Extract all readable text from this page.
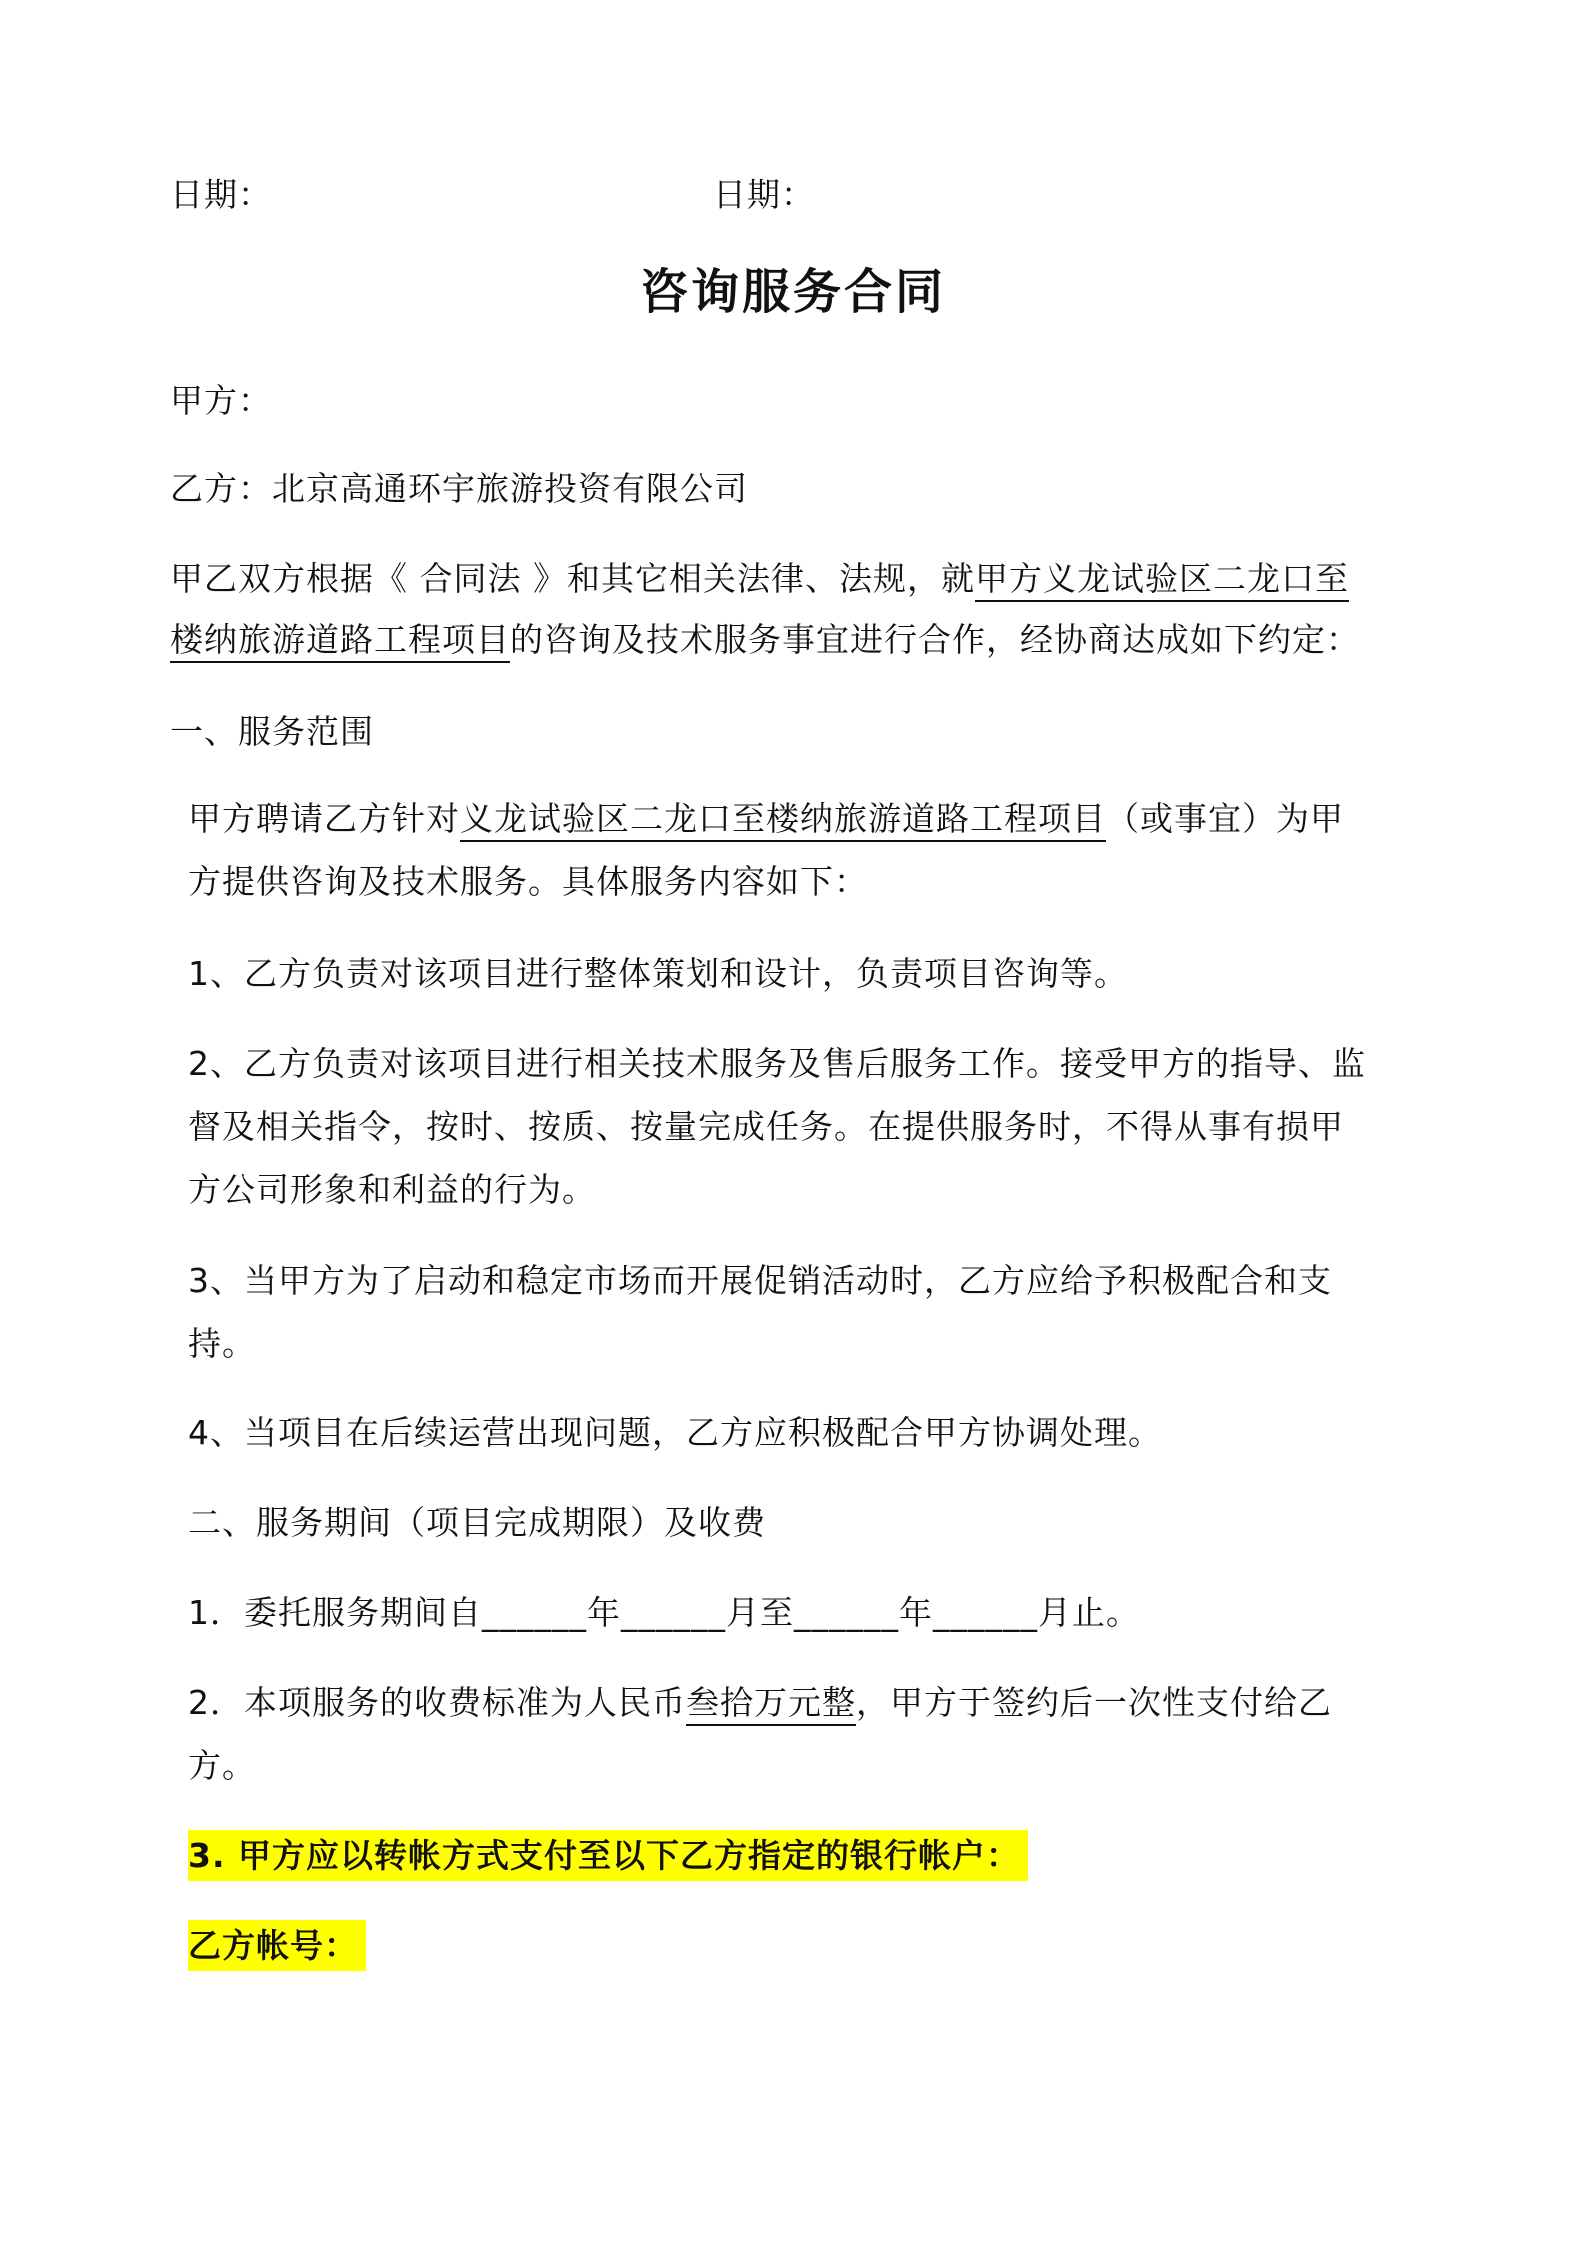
日期：	日期：
咨询服务合同
甲方：
乙方：北京高通环宇旅游投资有限公司
甲乙双方根据《 合同法 》和其它相关法律、法规，就甲方义龙试验区二龙口至
楼纳旅游道路工程项目的咨询及技术服务事宜进行合作，经协商达成如下约定：
一、服务范围
甲方聘请乙方针对义龙试验区二龙口至楼纳旅游道路工程项目（或事宜）为甲
方提供咨询及技术服务。具体服务内容如下：
1、乙方负责对该项目进行整体策划和设计，负责项目咨询等。
2、乙方负责对该项目进行相关技术服务及售后服务工作。接受甲方的指导、监
督及相关指令，按时、按质、按量完成任务。在提供服务时，不得从事有损甲
方公司形象和利益的行为。
3、当甲方为了启动和稳定市场而开展促销活动时，乙方应给予积极配合和支
持。
4、当项目在后续运营出现问题，乙方应积极配合甲方协调处理。
二、服务期间（项目完成期限）及收费
1．委托服务期间自______年______月至______年______月止。
2．本项服务的收费标准为人民币叁拾万元整，甲方于签约后一次性支付给乙
方。
3. 甲方应以转帐方式支付至以下乙方指定的银行帐户：
乙方帐号：
